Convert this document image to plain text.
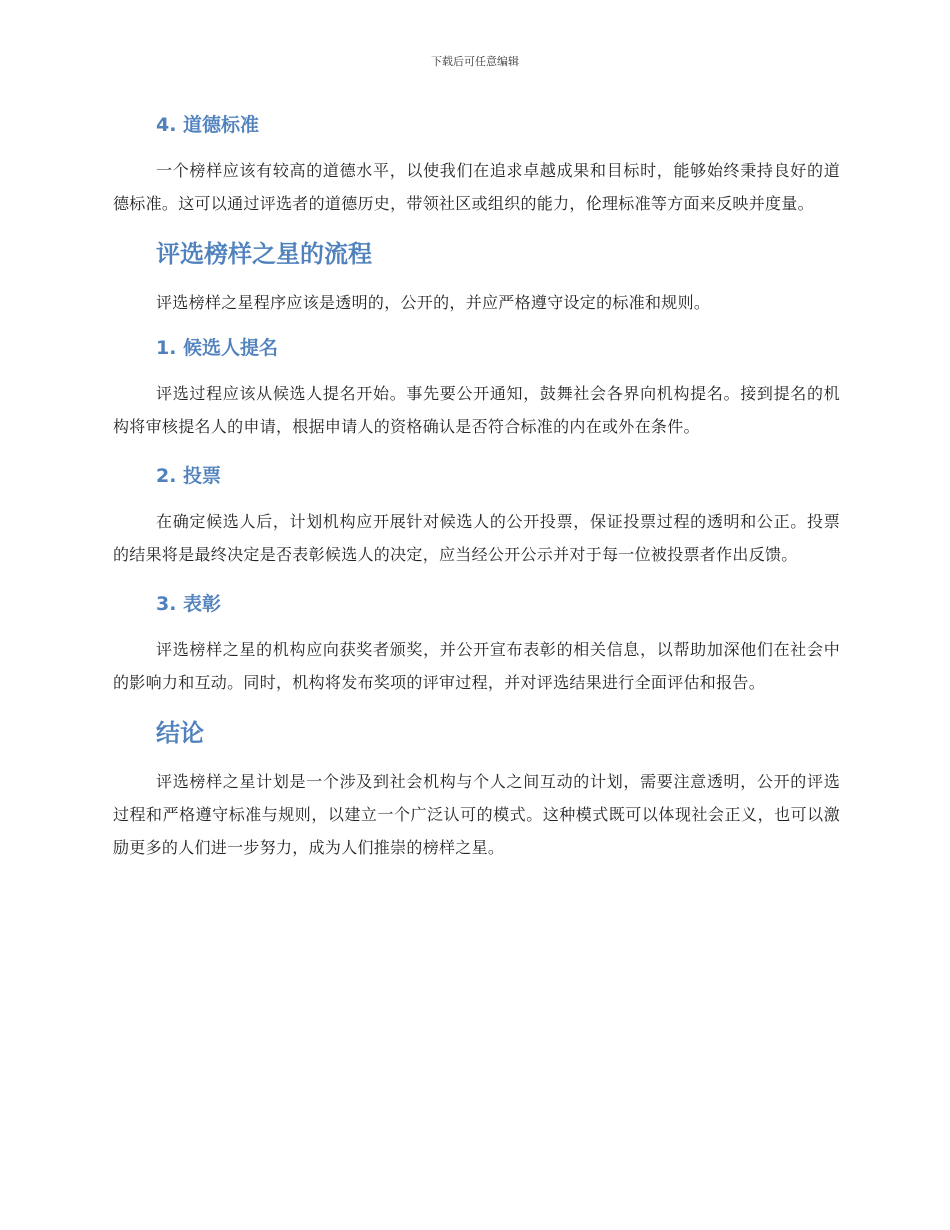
下载后可任意编辑
4. 道德标准

一个榜样应该有较高的道德水平，以使我们在追求卓越成果和目标时，能够始终秉持良好的道德标准。这可以通过评选者的道德历史，带领社区或组织的能力，伦理标准等方面来反映并度量。

评选榜样之星的流程

评选榜样之星程序应该是透明的，公开的，并应严格遵守设定的标准和规则。

1. 候选人提名

评选过程应该从候选人提名开始。事先要公开通知，鼓舞社会各界向机构提名。接到提名的机构将审核提名人的申请，根据申请人的资格确认是否符合标准的内在或外在条件。

2. 投票

在确定候选人后，计划机构应开展针对候选人的公开投票，保证投票过程的透明和公正。投票的结果将是最终决定是否表彰候选人的决定，应当经公开公示并对于每一位被投票者作出反馈。

3. 表彰

评选榜样之星的机构应向获奖者颁奖，并公开宣布表彰的相关信息，以帮助加深他们在社会中的影响力和互动。同时，机构将发布奖项的评审过程，并对评选结果进行全面评估和报告。

结论

评选榜样之星计划是一个涉及到社会机构与个人之间互动的计划，需要注意透明，公开的评选过程和严格遵守标准与规则，以建立一个广泛认可的模式。这种模式既可以体现社会正义，也可以激励更多的人们进一步努力，成为人们推崇的榜样之星。
